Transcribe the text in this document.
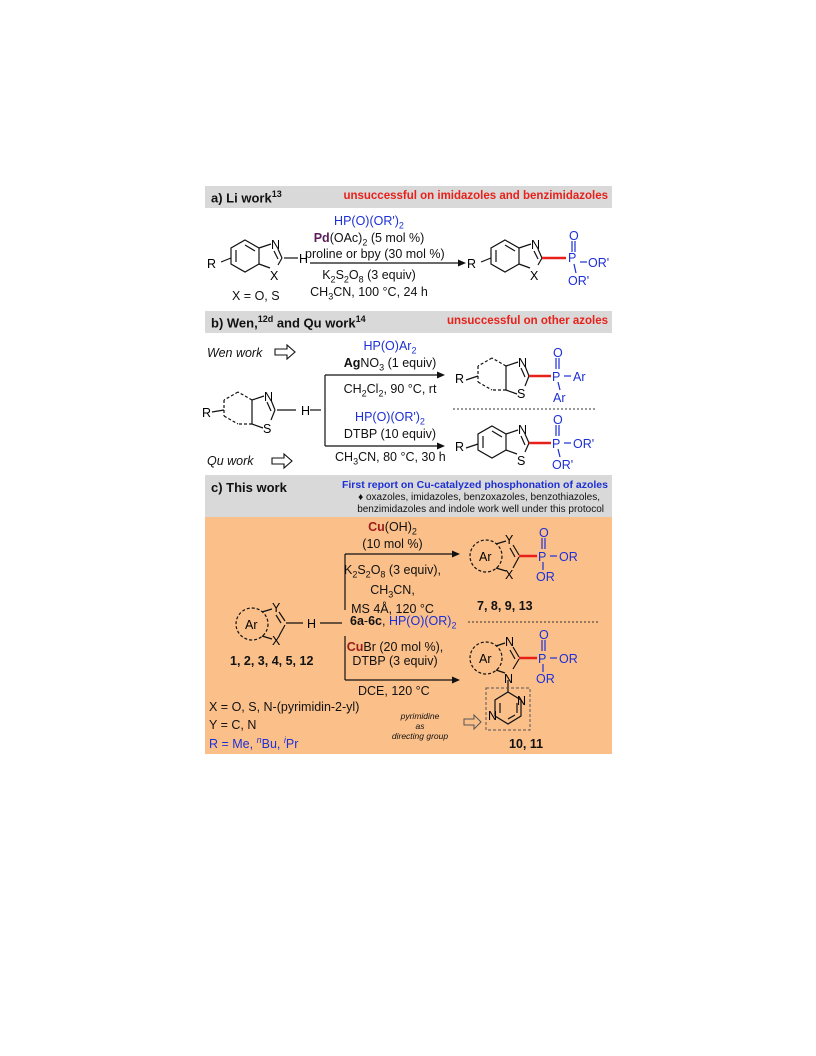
a) Li work$^{13}$	unsuccessful on imidazoles and benzimidazoles
$HP(O)(OR')_2$
$Pd(OAc)_2$ (5 mol %)
proline or bpy (30 mol %)
$K_2S_2O_8$ (3 equiv)
$CH_3CN$, 100 °C, 24 h
X = O, S
b) Wen,$^{12d}$ and Qu work$^{14}$	unsuccessful on other azoles
Wen work
Qu work
$HP(O)Ar_2$
AgNO$_3$ (1 equiv)
$CH_2Cl_2$, 90 °C, rt
$HP(O)(OR')_2$
DTBP (10 equiv)
$CH_3CN$, 80 °C, 30 h
c) This work	First report on Cu-catalyzed phosphonation of azoles
♦ oxazoles, imidazoles, benzoxazoles, benzothiazoles,
benzimidazoles and indole work well under this protocol
$Cu(OH)_2$
(10 mol %)
$K_2S_2O_8$ (3 equiv),
$CH_3CN$,
MS 4Å, 120 °C
6a-6c, $HP(O)(OR)_2$
CuBr (20 mol %),
DTBP (3 equiv)
DCE, 120 °C
1, 2, 3, 4, 5, 12
7, 8, 9, 13
10, 11
X = O, S, N-(pyrimidin-2-yl)
Y = C, N
R = Me, $^n$Bu, $^i$Pr
pyrimidine
as
directing group
R
N
X
H	R
N
X
P
O
OR'
OR'
R
N
S
H
R
N
S
P
O
Ar
Ar
R
N
S
P
O
OR'
OR'
Ar
Y
X
H
Ar
Y
X
P
O
OR
OR
Ar
N
N
P
O
OR
OR
N
N
